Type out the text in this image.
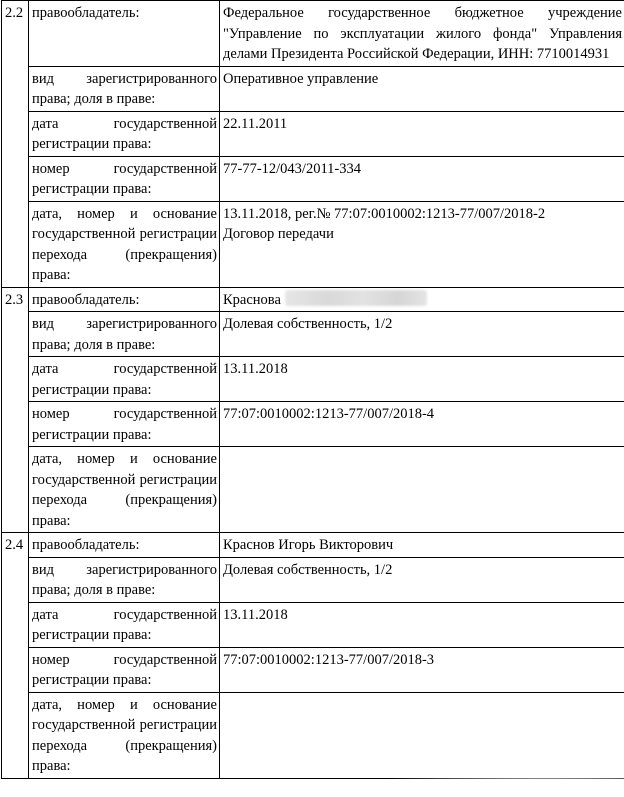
2.2	правообладатель:	Федеральное государственное бюджетное учреждение "Управление по эксплуатации жилого фонда" Управления делами Президента Российской Федерации, ИНН: 7710014931
	вид зарегистрированного права; доля в праве:	Оперативное управление
	дата государственной регистрации права:	22.11.2011
	номер государственной регистрации права:	77-77-12/043/2011-334
	дата, номер и основание государственной регистрации перехода (прекращения) права:	13.11.2018, рег.№ 77:07:0010002:1213-77/007/2018-2
Договор передачи

2.3	правообладатель:	Краснова
	вид зарегистрированного права; доля в праве:	Долевая собственность, 1/2
	дата государственной регистрации права:	13.11.2018
	номер государственной регистрации права:	77:07:0010002:1213-77/007/2018-4
	дата, номер и основание государственной регистрации перехода (прекращения) права:	
2.4	правообладатель:	Краснов Игорь Викторович
	вид зарегистрированного права; доля в праве:	Долевая собственность, 1/2
	дата государственной регистрации права:	13.11.2018
	номер государственной регистрации права:	77:07:0010002:1213-77/007/2018-3
	дата, номер и основание государственной регистрации перехода (прекращения) права:	
